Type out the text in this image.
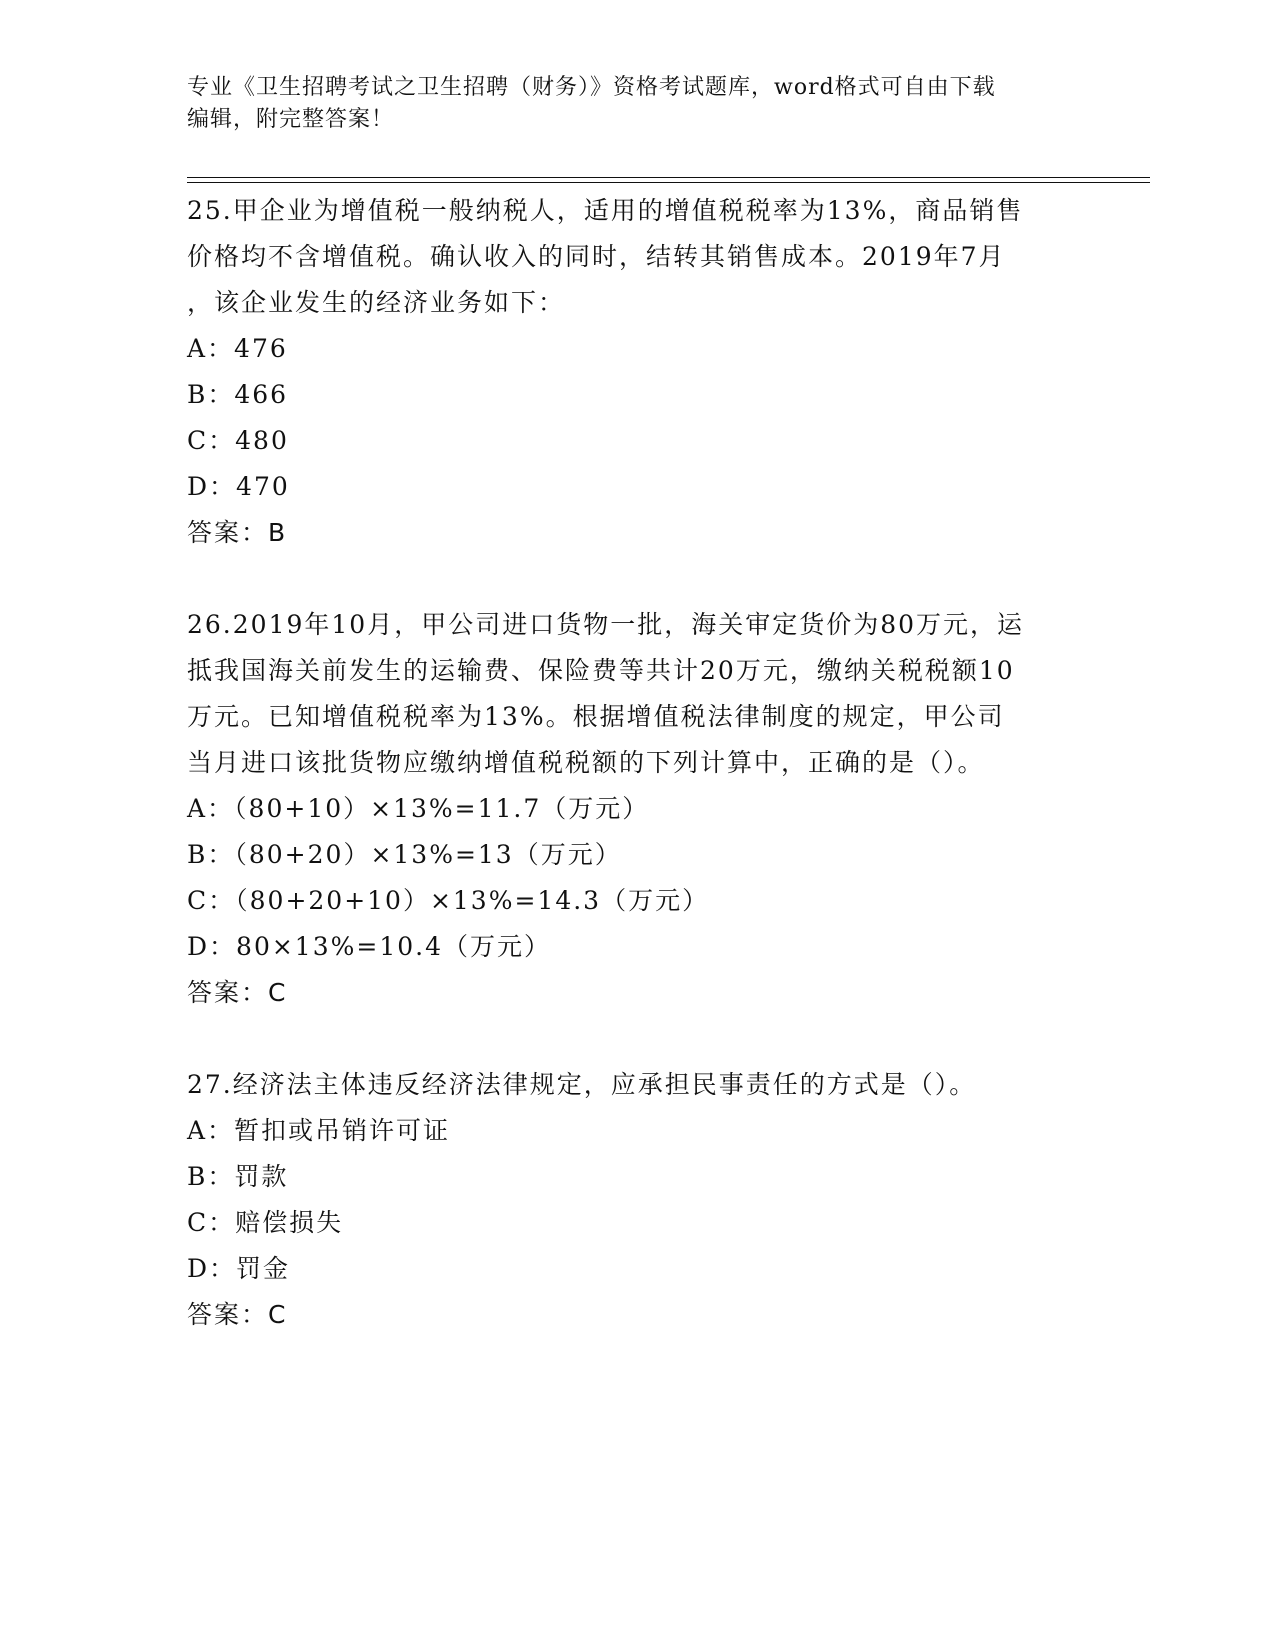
专业《卫生招聘考试之卫生招聘（财务）》资格考试题库，word格式可自由下载

编辑，附完整答案！

25.甲企业为增值税一般纳税人，适用的增值税税率为13%，商品销售

价格均不含增值税。确认收入的同时，结转其销售成本。2019年7月

，该企业发生的经济业务如下：

A：476

B：466

C：480

D：470

答案：B

26.2019年10月，甲公司进口货物一批，海关审定货价为80万元，运

抵我国海关前发生的运输费、保险费等共计20万元，缴纳关税税额10

万元。已知增值税税率为13%。根据增值税法律制度的规定，甲公司

当月进口该批货物应缴纳增值税税额的下列计算中，正确的是（）。

A：（80+10）×13%=11.7（万元）

B：（80+20）×13%=13（万元）

C：（80+20+10）×13%=14.3（万元）

D：80×13%=10.4（万元）

答案：C

27.经济法主体违反经济法律规定，应承担民事责任的方式是（）。

A：暂扣或吊销许可证

B：罚款

C：赔偿损失

D：罚金

答案：C
